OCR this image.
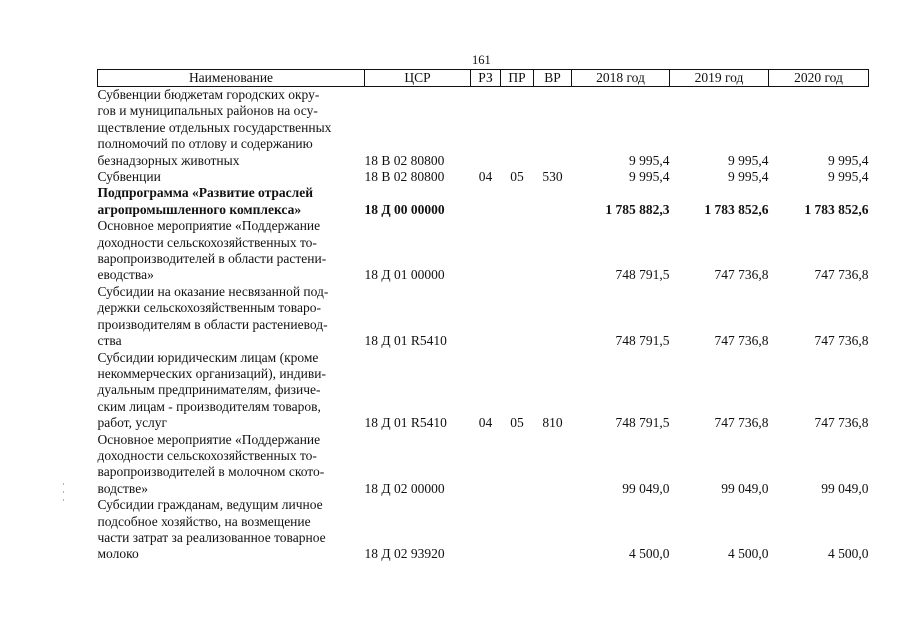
161
Наименование	ЦСР	РЗ	ПР	ВР	2018 год	2019 год	2020 год

Субвенции бюджетам городских окру-
гов и муниципальных районов на осу-
ществление отдельных государственных
полномочий по отлову и содержанию
безнадзорных животных	18 В 02 80800				9 995,4	9 995,4	9 995,4

Субвенции	18 В 02 80800	04	05	530	9 995,4	9 995,4	9 995,4

Подпрограмма «Развитие отраслей
агропромышленного комплекса»	18 Д 00 00000				1 785 882,3	1 783 852,6	1 783 852,6

Основное мероприятие «Поддержание
доходности сельскохозяйственных то-
варопроизводителей в области растени-
еводства»	18 Д 01 00000				748 791,5	747 736,8	747 736,8

Субсидии на оказание несвязанной под-
держки сельскохозяйственным товаро-
производителям в области растениевод-
ства	18 Д 01 R5410				748 791,5	747 736,8	747 736,8

Субсидии юридическим лицам (кроме
некоммерческих организаций), индиви-
дуальным предпринимателям, физиче-
ским лицам - производителям товаров,
работ, услуг	18 Д 01 R5410	04	05	810	748 791,5	747 736,8	747 736,8

Основное мероприятие «Поддержание
доходности сельскохозяйственных то-
варопроизводителей в молочном ското-
водстве»	18 Д 02 00000				99 049,0	99 049,0	99 049,0

Субсидии гражданам, ведущим личное
подсобное хозяйство, на возмещение
части затрат за реализованное товарное
молоко	18 Д 02 93920				4 500,0	4 500,0	4 500,0
·
·
·
